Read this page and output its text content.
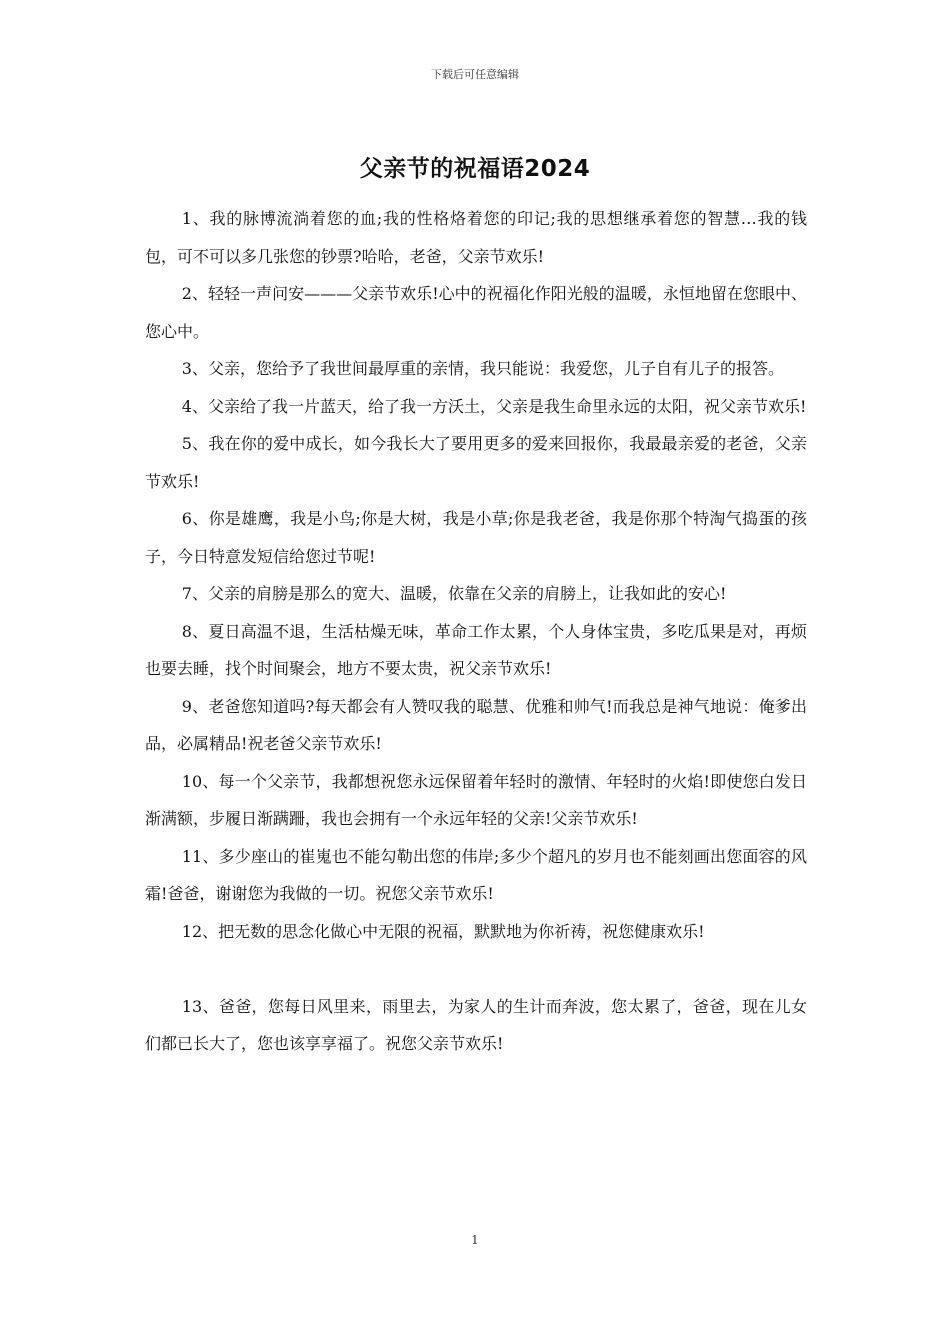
下载后可任意编辑
父亲节的祝福语2024

1、我的脉博流淌着您的血;我的性格烙着您的印记;我的思想继承着您的智慧…我的钱包，可不可以多几张您的钞票?哈哈，老爸，父亲节欢乐!

2、轻轻一声问安———父亲节欢乐!心中的祝福化作阳光般的温暖，永恒地留在您眼中、您心中。

3、父亲，您给予了我世间最厚重的亲情，我只能说：我爱您，儿子自有儿子的报答。

4、父亲给了我一片蓝天，给了我一方沃土，父亲是我生命里永远的太阳，祝父亲节欢乐!

5、我在你的爱中成长，如今我长大了要用更多的爱来回报你，我最最亲爱的老爸，父亲节欢乐!

6、你是雄鹰，我是小鸟;你是大树，我是小草;你是我老爸，我是你那个特淘气捣蛋的孩子，今日特意发短信给您过节呢!

7、父亲的肩膀是那么的宽大、温暖，依靠在父亲的肩膀上，让我如此的安心!

8、夏日高温不退，生活枯燥无味，革命工作太累，个人身体宝贵，多吃瓜果是对，再烦也要去睡，找个时间聚会，地方不要太贵，祝父亲节欢乐!

9、老爸您知道吗?每天都会有人赞叹我的聪慧、优雅和帅气!而我总是神气地说：俺爹出品，必属精品!祝老爸父亲节欢乐!

10、每一个父亲节，我都想祝您永远保留着年轻时的激情、年轻时的火焰!即使您白发日渐满额，步履日渐蹒跚，我也会拥有一个永远年轻的父亲!父亲节欢乐!

11、多少座山的崔嵬也不能勾勒出您的伟岸;多少个超凡的岁月也不能刻画出您面容的风霜!爸爸，谢谢您为我做的一切。祝您父亲节欢乐!

12、把无数的思念化做心中无限的祝福，默默地为你祈祷，祝您健康欢乐!

13、爸爸，您每日风里来，雨里去，为家人的生计而奔波，您太累了，爸爸，现在儿女们都已长大了，您也该享享福了。祝您父亲节欢乐!

1
